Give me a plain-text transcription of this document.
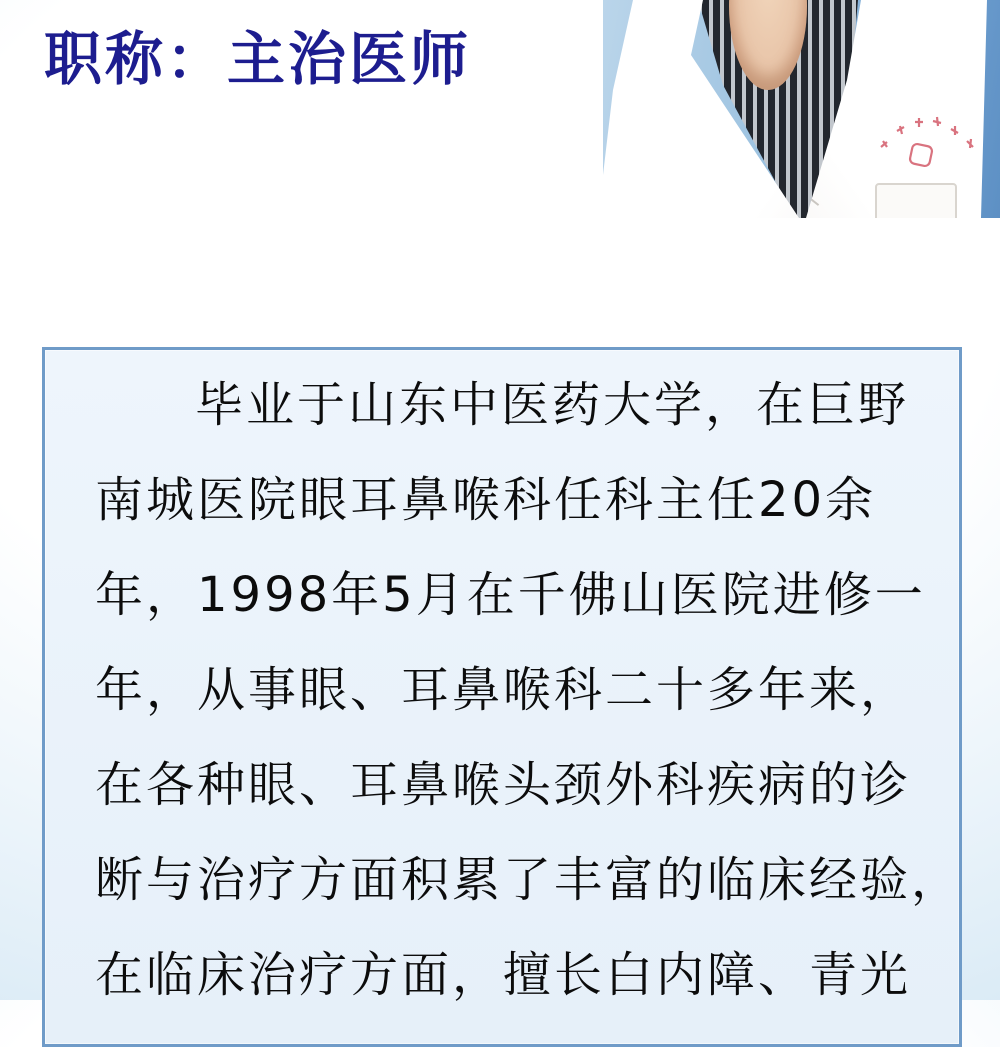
职称：主治医师
毕业于山东中医药大学，在巨野
南城医院眼耳鼻喉科任科主任20余
年，1998年5月在千佛山医院进修一
年，从事眼、耳鼻喉科二十多年来，
在各种眼、耳鼻喉头颈外科疾病的诊
断与治疗方面积累了丰富的临床经验，
在临床治疗方面，擅长白内障、青光
